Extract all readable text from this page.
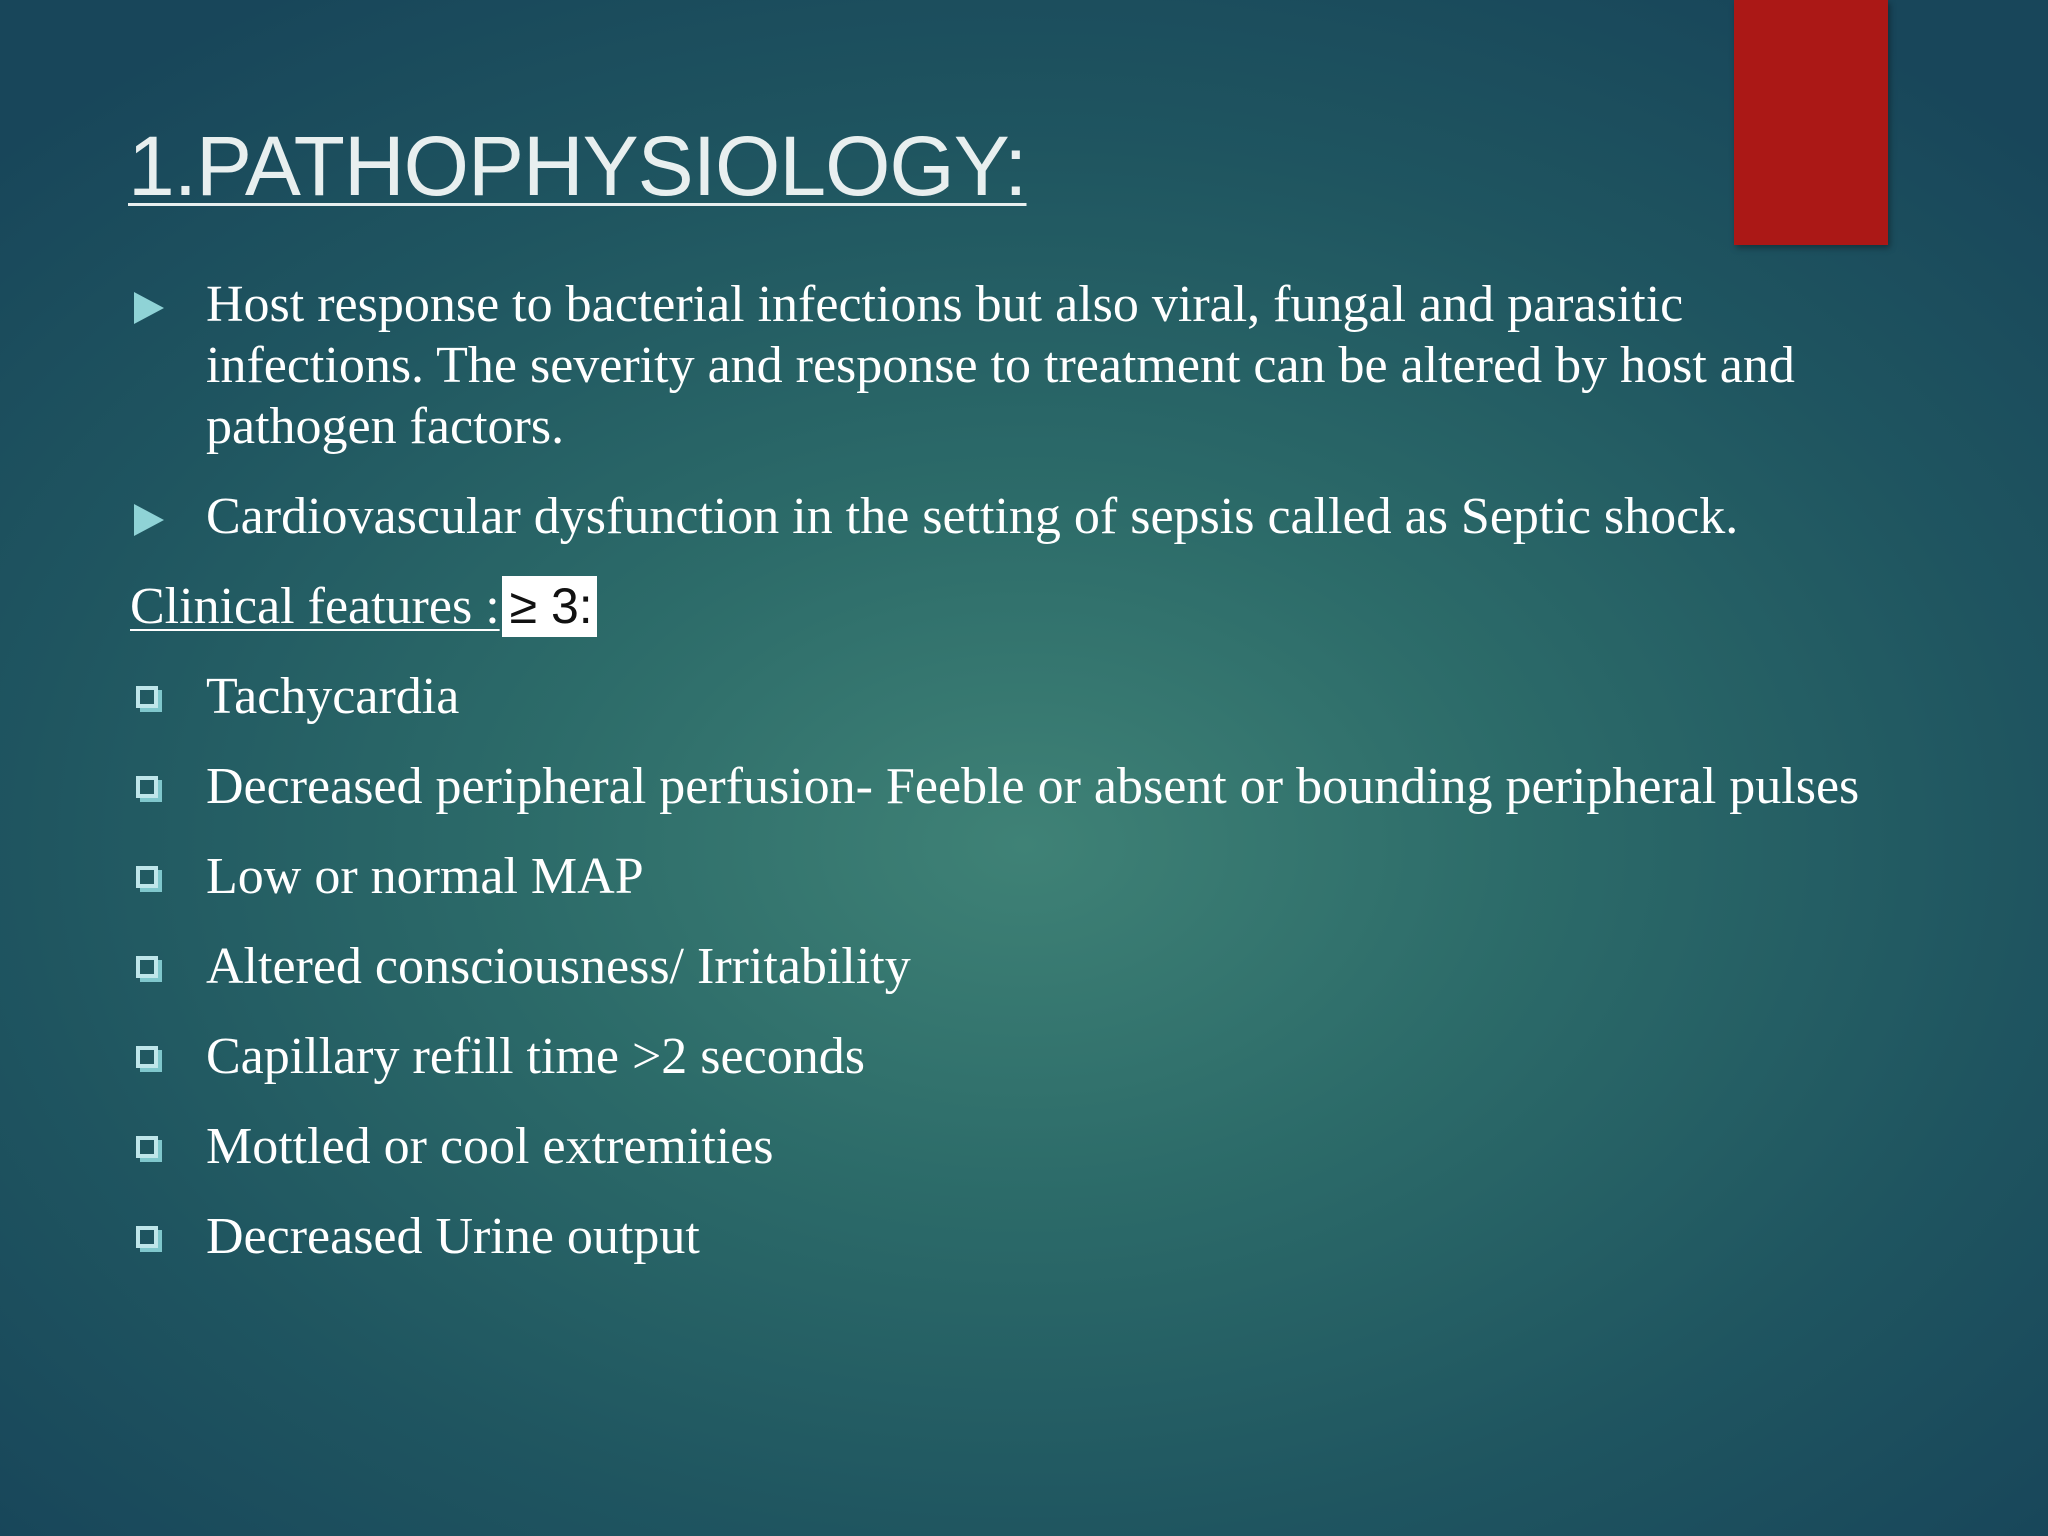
1.PATHOPHYSIOLOGY:
Host response to bacterial infections but also viral, fungal and parasitic infections. The severity and response to treatment can be altered by host and pathogen factors.
Cardiovascular dysfunction in the setting of sepsis called as Septic shock.
Clinical features : ≥ 3:
Tachycardia
Decreased peripheral perfusion- Feeble or absent or bounding peripheral pulses
Low or normal MAP
Altered consciousness/ Irritability
Capillary refill time >2 seconds
Mottled or cool extremities
Decreased Urine output
